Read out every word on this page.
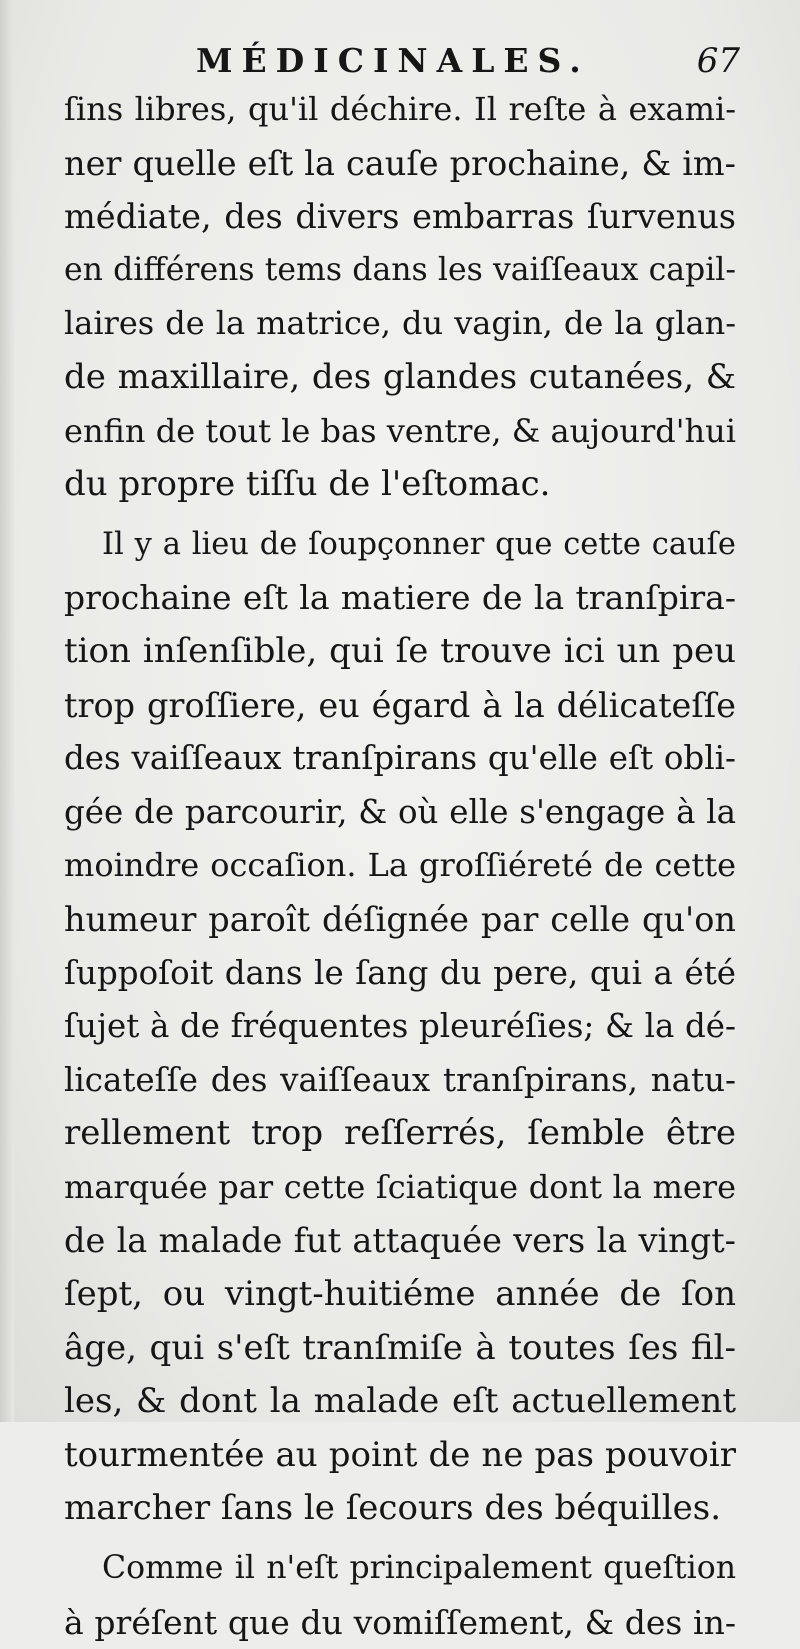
MÉDICINALES.	67
ſins libres, qu'il déchire. Il reſte à exami-
ner quelle eſt la cauſe prochaine, & im-
médiate, des divers embarras ſurvenus
en différens tems dans les vaiſſeaux capil-
laires de la matrice, du vagin, de la glan-
de maxillaire, des glandes cutanées, &
enfin de tout le bas ventre, & aujourd'hui
du propre tiſſu de l'eſtomac.
Il y a lieu de ſoupçonner que cette cauſe
prochaine eſt la matiere de la tranſpira-
tion inſenſible, qui ſe trouve ici un peu
trop groſſiere, eu égard à la délicateſſe
des vaiſſeaux tranſpirans qu'elle eſt obli-
gée de parcourir, & où elle s'engage à la
moindre occaſion. La groſſiéreté de cette
humeur paroît déſignée par celle qu'on
ſuppoſoit dans le ſang du pere, qui a été
ſujet à de fréquentes pleuréſies; & la dé-
licateſſe des vaiſſeaux tranſpirans, natu-
rellement trop reſſerrés, ſemble être
marquée par cette ſciatique dont la mere
de la malade fut attaquée vers la vingt-
ſept, ou vingt-huitiéme année de ſon
âge, qui s'eſt tranſmiſe à toutes ſes fil-
les, & dont la malade eſt actuellement
tourmentée au point de ne pas pouvoir
marcher ſans le ſecours des béquilles.
Comme il n'eſt principalement queſtion
à préſent que du vomiſſement, & des in-
